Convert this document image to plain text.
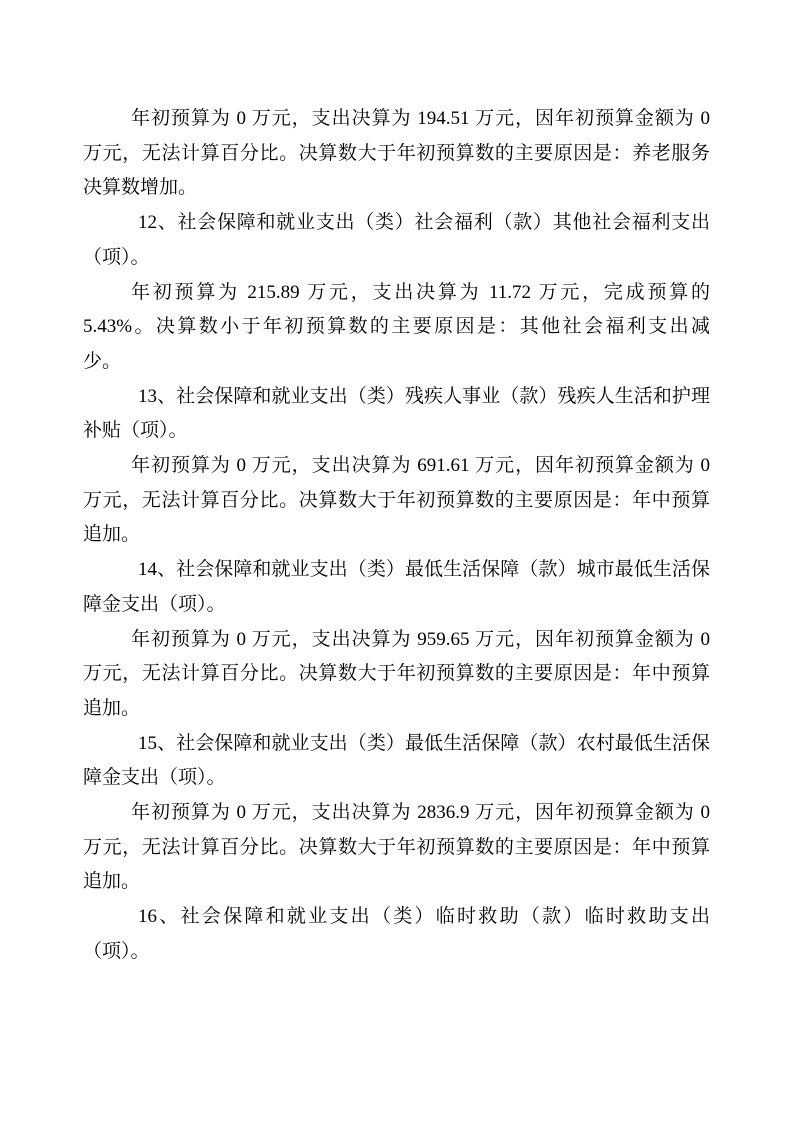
年初预算为 0 万元，支出决算为 194.51 万元，因年初预算金额为 0
万元，无法计算百分比。决算数大于年初预算数的主要原因是：养老服务
决算数增加。
12、社会保障和就业支出（类）社会福利（款）其他社会福利支出
（项）。
年初预算为 215.89 万元，支出决算为 11.72 万元，完成预算的
5.43%。决算数小于年初预算数的主要原因是：其他社会福利支出减
少。
13、社会保障和就业支出（类）残疾人事业（款）残疾人生活和护理
补贴（项）。
年初预算为 0 万元，支出决算为 691.61 万元，因年初预算金额为 0
万元，无法计算百分比。决算数大于年初预算数的主要原因是：年中预算
追加。
14、社会保障和就业支出（类）最低生活保障（款）城市最低生活保
障金支出（项）。
年初预算为 0 万元，支出决算为 959.65 万元，因年初预算金额为 0
万元，无法计算百分比。决算数大于年初预算数的主要原因是：年中预算
追加。
15、社会保障和就业支出（类）最低生活保障（款）农村最低生活保
障金支出（项）。
年初预算为 0 万元，支出决算为 2836.9 万元，因年初预算金额为 0
万元，无法计算百分比。决算数大于年初预算数的主要原因是：年中预算
追加。
16、社会保障和就业支出（类）临时救助（款）临时救助支出
（项）。
